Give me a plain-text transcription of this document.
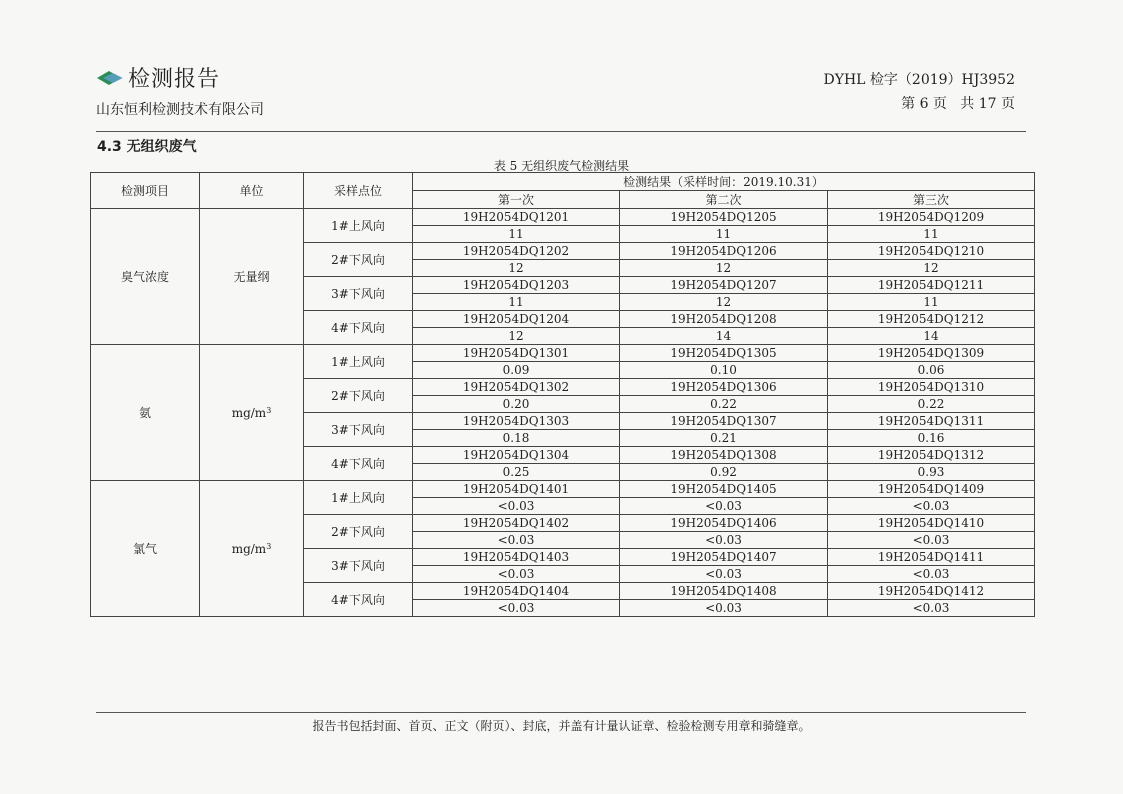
检测报告
山东恒利检测技术有限公司
DYHL 检字（2019）HJ3952
第 6 页   共 17 页
4.3 无组织废气
表 5 无组织废气检测结果
检测项目	单位	采样点位	检测结果（采样时间：2019.10.31）		
			第一次	第二次	第三次
臭气浓度	无量纲	1#上风向	19H2054DQ1201	19H2054DQ1205	19H2054DQ1209
			11	11	11
		2#下风向	19H2054DQ1202	19H2054DQ1206	19H2054DQ1210
			12	12	12
		3#下风向	19H2054DQ1203	19H2054DQ1207	19H2054DQ1211
			11	12	11
		4#下风向	19H2054DQ1204	19H2054DQ1208	19H2054DQ1212
			12	14	14
氨	$mg/m^3$	1#上风向	19H2054DQ1301	19H2054DQ1305	19H2054DQ1309
			0.09	0.10	0.06
		2#下风向	19H2054DQ1302	19H2054DQ1306	19H2054DQ1310
			0.20	0.22	0.22
		3#下风向	19H2054DQ1303	19H2054DQ1307	19H2054DQ1311
			0.18	0.21	0.16
		4#下风向	19H2054DQ1304	19H2054DQ1308	19H2054DQ1312
			0.25	0.92	0.93
氯气	$mg/m^3$	1#上风向	19H2054DQ1401	19H2054DQ1405	19H2054DQ1409
			<0.03	<0.03	<0.03
		2#下风向	19H2054DQ1402	19H2054DQ1406	19H2054DQ1410
			<0.03	<0.03	<0.03
		3#下风向	19H2054DQ1403	19H2054DQ1407	19H2054DQ1411
			<0.03	<0.03	<0.03
		4#下风向	19H2054DQ1404	19H2054DQ1408	19H2054DQ1412
			<0.03	<0.03	<0.03
报告书包括封面、首页、正文（附页）、封底，并盖有计量认证章、检验检测专用章和骑缝章。
